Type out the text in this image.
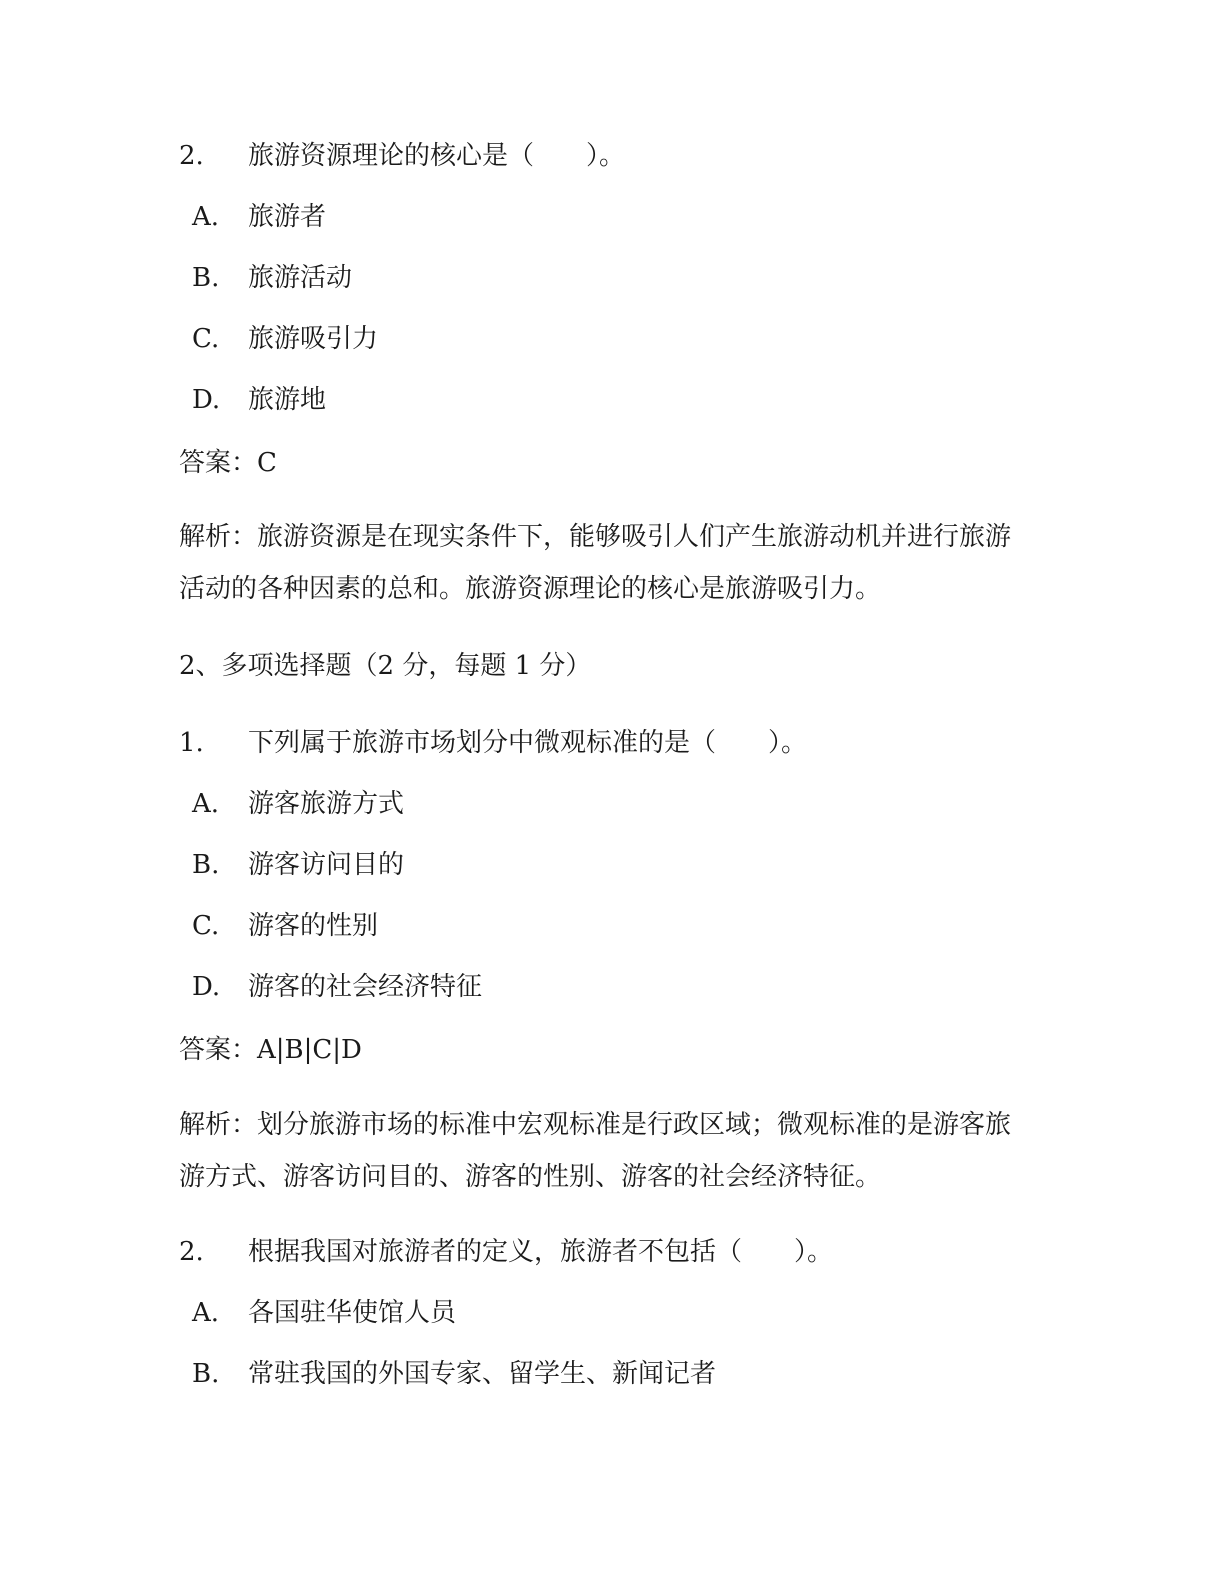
2. 旅游资源理论的核心是（　　）。
A. 旅游者
B. 旅游活动
C. 旅游吸引力
D. 旅游地
答案：C
解析：旅游资源是在现实条件下，能够吸引人们产生旅游动机并进行旅游活动的各种因素的总和。旅游资源理论的核心是旅游吸引力。
2、多项选择题（2 分，每题 1 分）
1. 下列属于旅游市场划分中微观标准的是（　　）。
A. 游客旅游方式
B. 游客访问目的
C. 游客的性别
D. 游客的社会经济特征
答案：A|B|C|D
解析：划分旅游市场的标准中宏观标准是行政区域；微观标准的是游客旅游方式、游客访问目的、游客的性别、游客的社会经济特征。
2. 根据我国对旅游者的定义，旅游者不包括（　　）。
A. 各国驻华使馆人员
B. 常驻我国的外国专家、留学生、新闻记者
